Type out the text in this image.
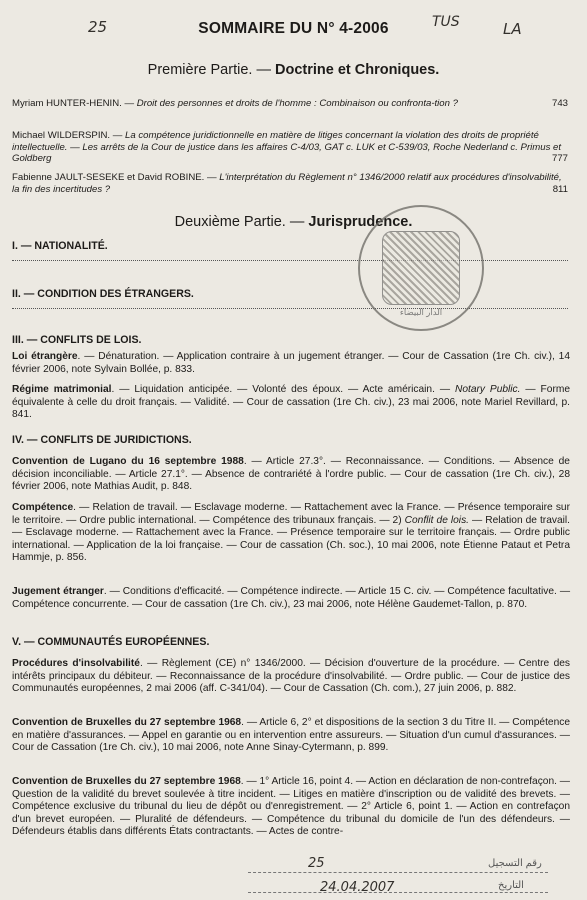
25	TUS	LA
SOMMAIRE DU N° 4-2006
Première Partie. — Doctrine et Chroniques.
Myriam HUNTER-HENIN. — Droit des personnes et droits de l'homme : Combinaison ou confronta-tion ?	743
Michael WILDERSPIN. — La compétence juridictionnelle en matière de litiges concernant la violation des droits de propriété intellectuelle. — Les arrêts de la Cour de justice dans les affaires C-4/03, GAT c. LUK et C-539/03, Roche Nederland c. Primus et Goldberg	777
Fabienne JAULT-SESEKE et David ROBINE. — L'interprétation du Règlement n° 1346/2000 relatif aux procédures d'insolvabilité, la fin des incertitudes ?	811
Deuxième Partie. — Jurisprudence.
I. — NATIONALITÉ.
II. — CONDITION DES ÉTRANGERS.
III. — CONFLITS DE LOIS.
Loi étrangère. — Dénaturation. — Application contraire à un jugement étranger. — Cour de Cassation (1re Ch. civ.), 14 février 2006, note Sylvain Bollée, p. 833.
Régime matrimonial. — Liquidation anticipée. — Volonté des époux. — Acte américain. — Notary Public. — Forme équivalente à celle du droit français. — Validité. — Cour de cassation (1re Ch. civ.), 23 mai 2006, note Mariel Revillard, p. 841.
IV. — CONFLITS DE JURIDICTIONS.
Convention de Lugano du 16 septembre 1988. — Article 27.3°. — Reconnaissance. — Conditions. — Absence de décision inconciliable. — Article 27.1°. — Absence de contrariété à l'ordre public. — Cour de cassation (1re Ch. civ.), 28 février 2006, note Mathias Audit, p. 848.
Compétence. — Relation de travail. — Esclavage moderne. — Rattachement avec la France. — Présence temporaire sur le territoire. — Ordre public international. — Compétence des tribunaux français. — 2) Conflit de lois. — Relation de travail. — Esclavage moderne. — Rattachement avec la France. — Présence temporaire sur le territoire français. — Ordre public international. — Application de la loi française. — Cour de cassation (Ch. soc.), 10 mai 2006, note Étienne Pataut et Petra Hammje, p. 856.
Jugement étranger. — Conditions d'efficacité. — Compétence indirecte. — Article 15 C. civ. — Compétence facultative. — Compétence concurrente. — Cour de cassation (1re Ch. civ.), 23 mai 2006, note Hélène Gaudemet-Tallon, p. 870.
V. — COMMUNAUTÉS EUROPÉENNES.
Procédures d'insolvabilité. — Règlement (CE) n° 1346/2000. — Décision d'ouverture de la procédure. — Centre des intérêts principaux du débiteur. — Reconnaissance de la procédure d'insolvabilité. — Ordre public. — Cour de justice des Communautés européennes, 2 mai 2006 (aff. C-341/04). — Cour de Cassation (Ch. com.), 27 juin 2006, p. 882.
Convention de Bruxelles du 27 septembre 1968. — Article 6, 2° et dispositions de la section 3 du Titre II. — Compétence en matière d'assurances. — Appel en garantie ou en intervention entre assureurs. — Situation d'un cumul d'assurances. — Cour de Cassation (1re Ch. civ.), 10 mai 2006, note Anne Sinay-Cytermann, p. 899.
Convention de Bruxelles du 27 septembre 1968. — 1° Article 16, point 4. — Action en déclaration de non-contrefaçon. — Question de la validité du brevet soulevée à titre incident. — Litiges en matière d'inscription ou de validité des brevets. — Compétence exclusive du tribunal du lieu de dépôt ou d'enregistrement. — 2° Article 6, point 1. — Action en contrefaçon d'un brevet européen. — Pluralité de défendeurs. — Compétence du tribunal du domicile de l'un des défendeurs. — Défendeurs établis dans différents États contractants. — Actes de contre-
الدار البيضاء
رقم التسجيل
25
التاريخ
24.04.2007
